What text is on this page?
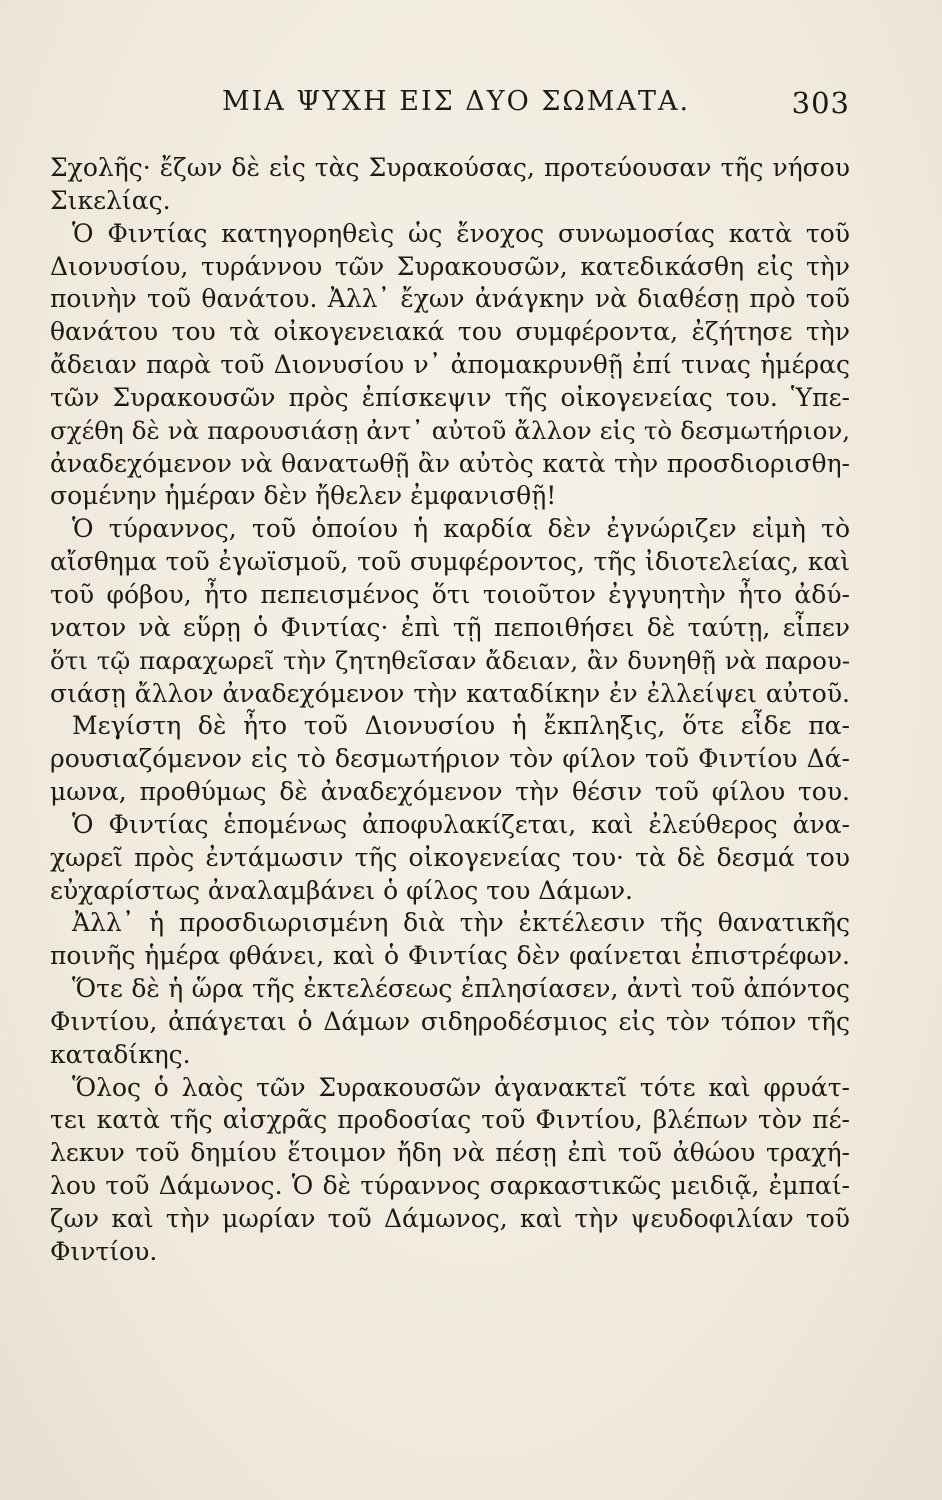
ΜΙΑ ΨΥΧΗ ΕΙΣ ΔΥΟ ΣΩΜΑΤΑ.	303
Σχολῆς· ἔζων δὲ εἰς τὰς Συρακούσας, προτεύουσαν τῆς νήσου
Σικελίας.
Ὁ Φιντίας κατηγορηθεὶς ὡς ἔνοχος συνωμοσίας κατὰ τοῦ
Διονυσίου, τυράννου τῶν Συρακουσῶν, κατεδικάσθη εἰς τὴν
ποινὴν τοῦ θανάτου. Ἀλλ᾿ ἔχων ἀνάγκην νὰ διαθέσῃ πρὸ τοῦ
θανάτου του τὰ οἰκογενειακά του συμφέροντα, ἐζήτησε τὴν
ἄδειαν παρὰ τοῦ Διονυσίου ν᾿ ἀπομακρυνθῇ ἐπί τινας ἡμέρας
τῶν Συρακουσῶν πρὸς ἐπίσκεψιν τῆς οἰκογενείας του. Ὑπε-
σχέθη δὲ νὰ παρουσιάσῃ ἀντ᾿ αὐτοῦ ἄλλον εἰς τὸ δεσμωτήριον,
ἀναδεχόμενον νὰ θανατωθῇ ἂν αὐτὸς κατὰ τὴν προσδιορισθη-
σομένην ἡμέραν δὲν ἤθελεν ἐμφανισθῇ!
Ὁ τύραννος, τοῦ ὁποίου ἡ καρδία δὲν ἐγνώριζεν εἰμὴ τὸ
αἴσθημα τοῦ ἐγωϊσμοῦ, τοῦ συμφέροντος, τῆς ἰδιοτελείας, καὶ
τοῦ φόβου, ἦτο πεπεισμένος ὅτι τοιοῦτον ἐγγυητὴν ἦτο ἀδύ-
νατον νὰ εὕρῃ ὁ Φιντίας· ἐπὶ τῇ πεποιθήσει δὲ ταύτῃ, εἶπεν
ὅτι τῷ παραχωρεῖ τὴν ζητηθεῖσαν ἄδειαν, ἂν δυνηθῇ νὰ παρου-
σιάσῃ ἄλλον ἀναδεχόμενον τὴν καταδίκην ἐν ἐλλείψει αὐτοῦ.
Μεγίστη δὲ ἦτο τοῦ Διονυσίου ἡ ἔκπληξις, ὅτε εἶδε πα-
ρουσιαζόμενον εἰς τὸ δεσμωτήριον τὸν φίλον τοῦ Φιντίου Δά-
μωνα, προθύμως δὲ ἀναδεχόμενον τὴν θέσιν τοῦ φίλου του.
Ὁ Φιντίας ἑπομένως ἀποφυλακίζεται, καὶ ἐλεύθερος ἀνα-
χωρεῖ πρὸς ἐντάμωσιν τῆς οἰκογενείας του· τὰ δὲ δεσμά του
εὐχαρίστως ἀναλαμβάνει ὁ φίλος του Δάμων.
Ἀλλ᾿ ἡ προσδιωρισμένη διὰ τὴν ἐκτέλεσιν τῆς θανατικῆς
ποινῆς ἡμέρα φθάνει, καὶ ὁ Φιντίας δὲν φαίνεται ἐπιστρέφων.
Ὅτε δὲ ἡ ὥρα τῆς ἐκτελέσεως ἐπλησίασεν, ἀντὶ τοῦ ἀπόντος
Φιντίου, ἀπάγεται ὁ Δάμων σιδηροδέσμιος εἰς τὸν τόπον τῆς
καταδίκης.
Ὅλος ὁ λαὸς τῶν Συρακουσῶν ἀγανακτεῖ τότε καὶ φρυάτ-
τει κατὰ τῆς αἰσχρᾶς προδοσίας τοῦ Φιντίου, βλέπων τὸν πέ-
λεκυν τοῦ δημίου ἕτοιμον ἤδη νὰ πέσῃ ἐπὶ τοῦ ἀθώου τραχή-
λου τοῦ Δάμωνος. Ὁ δὲ τύραννος σαρκαστικῶς μειδιᾷ, ἐμπαί-
ζων καὶ τὴν μωρίαν τοῦ Δάμωνος, καὶ τὴν ψευδοφιλίαν τοῦ
Φιντίου.
